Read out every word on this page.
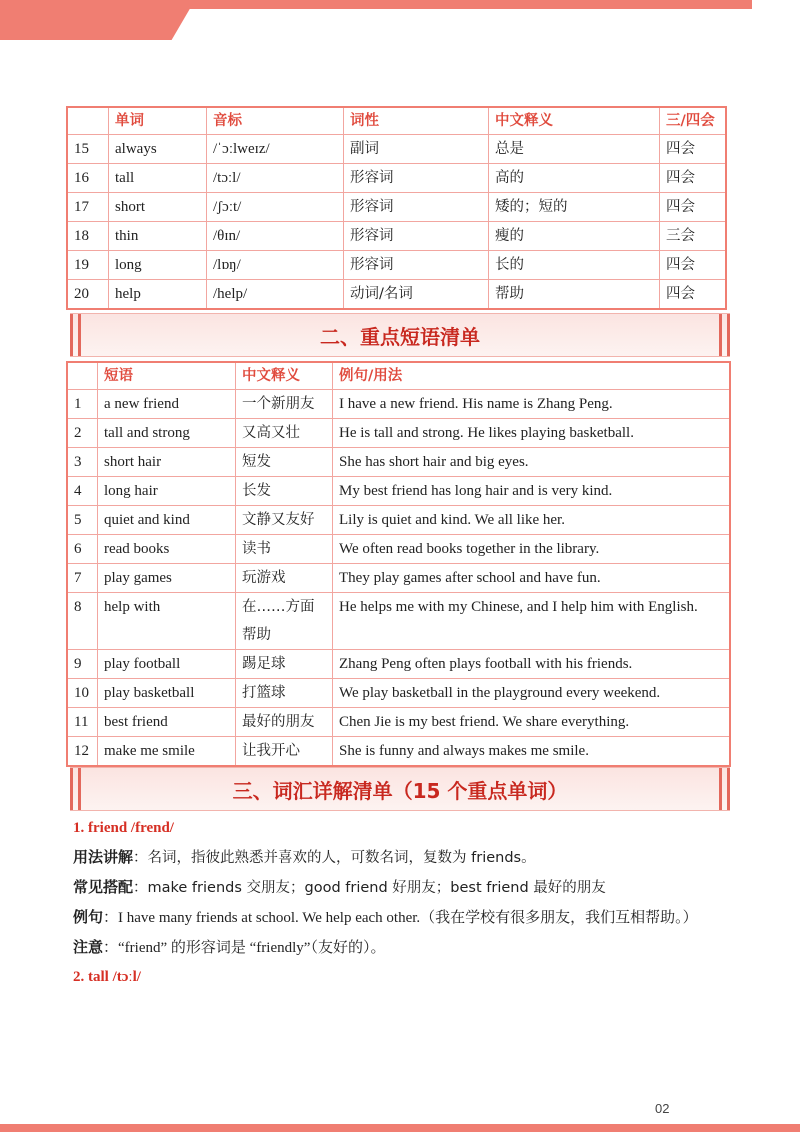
	单词	音标	词性	中文释义	三/四会
15	always	/ˈɔːlweɪz/	副词	总是	四会
16	tall	/tɔːl/	形容词	高的	四会
17	short	/ʃɔːt/	形容词	矮的；短的	四会
18	thin	/θɪn/	形容词	瘦的	三会
19	long	/lɒŋ/	形容词	长的	四会
20	help	/help/	动词/名词	帮助	四会
二、重点短语清单
	短语	中文释义	例句/用法
1	a new friend	一个新朋友	I have a new friend. His name is Zhang Peng.
2	tall and strong	又高又壮	He is tall and strong. He likes playing basketball.
3	short hair	短发	She has short hair and big eyes.
4	long hair	长发	My best friend has long hair and is very kind.
5	quiet and kind	文静又友好	Lily is quiet and kind. We all like her.
6	read books	读书	We often read books together in the library.
7	play games	玩游戏	They play games after school and have fun.
8	help with	在……方面帮助	He helps me with my Chinese, and I help him with English.
9	play football	踢足球	Zhang Peng often plays football with his friends.
10	play basketball	打篮球	We play basketball in the playground every weekend.
11	best friend	最好的朋友	Chen Jie is my best friend. We share everything.
12	make me smile	让我开心	She is funny and always makes me smile.
三、词汇详解清单（15 个重点单词）

1. friend /frend/

用法讲解：名词，指彼此熟悉并喜欢的人，可数名词，复数为 friends。

常见搭配：make friends 交朋友；good friend 好朋友；best friend 最好的朋友

例句：I have many friends at school. We help each other.（我在学校有很多朋友，我们互相帮助。）

注意：“friend” 的形容词是 “friendly”（友好的）。

2. tall /tɔːl/

02
